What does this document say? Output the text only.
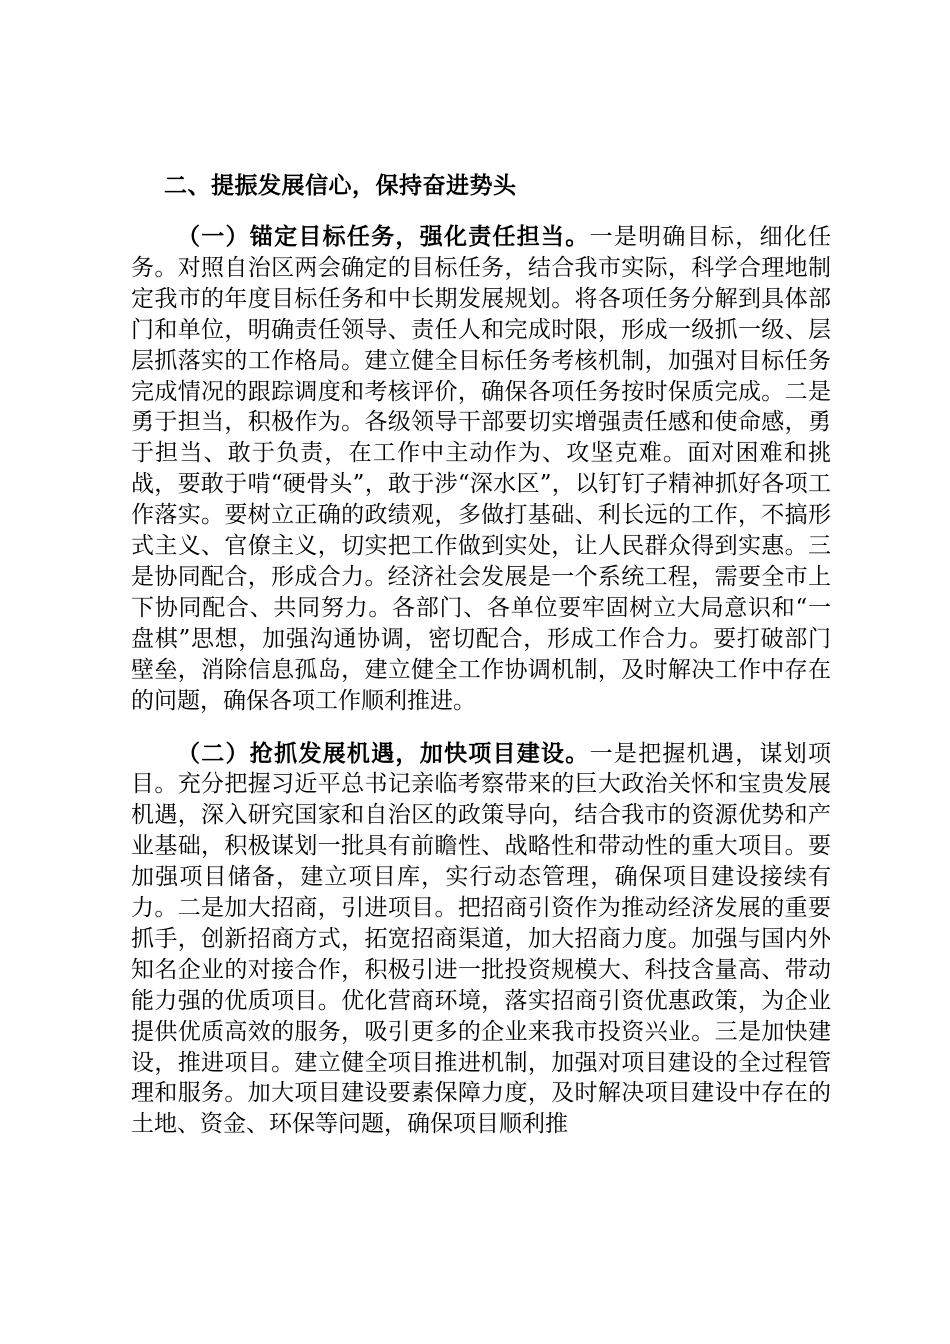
二、提振发展信心，保持奋进势头

（一）锚定目标任务，强化责任担当。一是明确目标，细化任务。对照自治区两会确定的目标任务，结合我市实际，科学合理地制定我市的年度目标任务和中长期发展规划。将各项任务分解到具体部门和单位，明确责任领导、责任人和完成时限，形成一级抓一级、层层抓落实的工作格局。建立健全目标任务考核机制，加强对目标任务完成情况的跟踪调度和考核评价，确保各项任务按时保质完成。二是勇于担当，积极作为。各级领导干部要切实增强责任感和使命感，勇于担当、敢于负责，在工作中主动作为、攻坚克难。面对困难和挑战，要敢于啃“硬骨头”，敢于涉“深水区”，以钉钉子精神抓好各项工作落实。要树立正确的政绩观，多做打基础、利长远的工作，不搞形式主义、官僚主义，切实把工作做到实处，让人民群众得到实惠。三是协同配合，形成合力。经济社会发展是一个系统工程，需要全市上下协同配合、共同努力。各部门、各单位要牢固树立大局意识和“一盘棋”思想，加强沟通协调，密切配合，形成工作合力。要打破部门壁垒，消除信息孤岛，建立健全工作协调机制，及时解决工作中存在的问题，确保各项工作顺利推进。

（二）抢抓发展机遇，加快项目建设。一是把握机遇，谋划项目。充分把握习近平总书记亲临考察带来的巨大政治关怀和宝贵发展机遇，深入研究国家和自治区的政策导向，结合我市的资源优势和产业基础，积极谋划一批具有前瞻性、战略性和带动性的重大项目。要加强项目储备，建立项目库，实行动态管理，确保项目建设接续有力。二是加大招商，引进项目。把招商引资作为推动经济发展的重要抓手，创新招商方式，拓宽招商渠道，加大招商力度。加强与国内外知名企业的对接合作，积极引进一批投资规模大、科技含量高、带动能力强的优质项目。优化营商环境，落实招商引资优惠政策，为企业提供优质高效的服务，吸引更多的企业来我市投资兴业。三是加快建设，推进项目。建立健全项目推进机制，加强对项目建设的全过程管理和服务。加大项目建设要素保障力度，及时解决项目建设中存在的土地、资金、环保等问题，确保项目顺利推
